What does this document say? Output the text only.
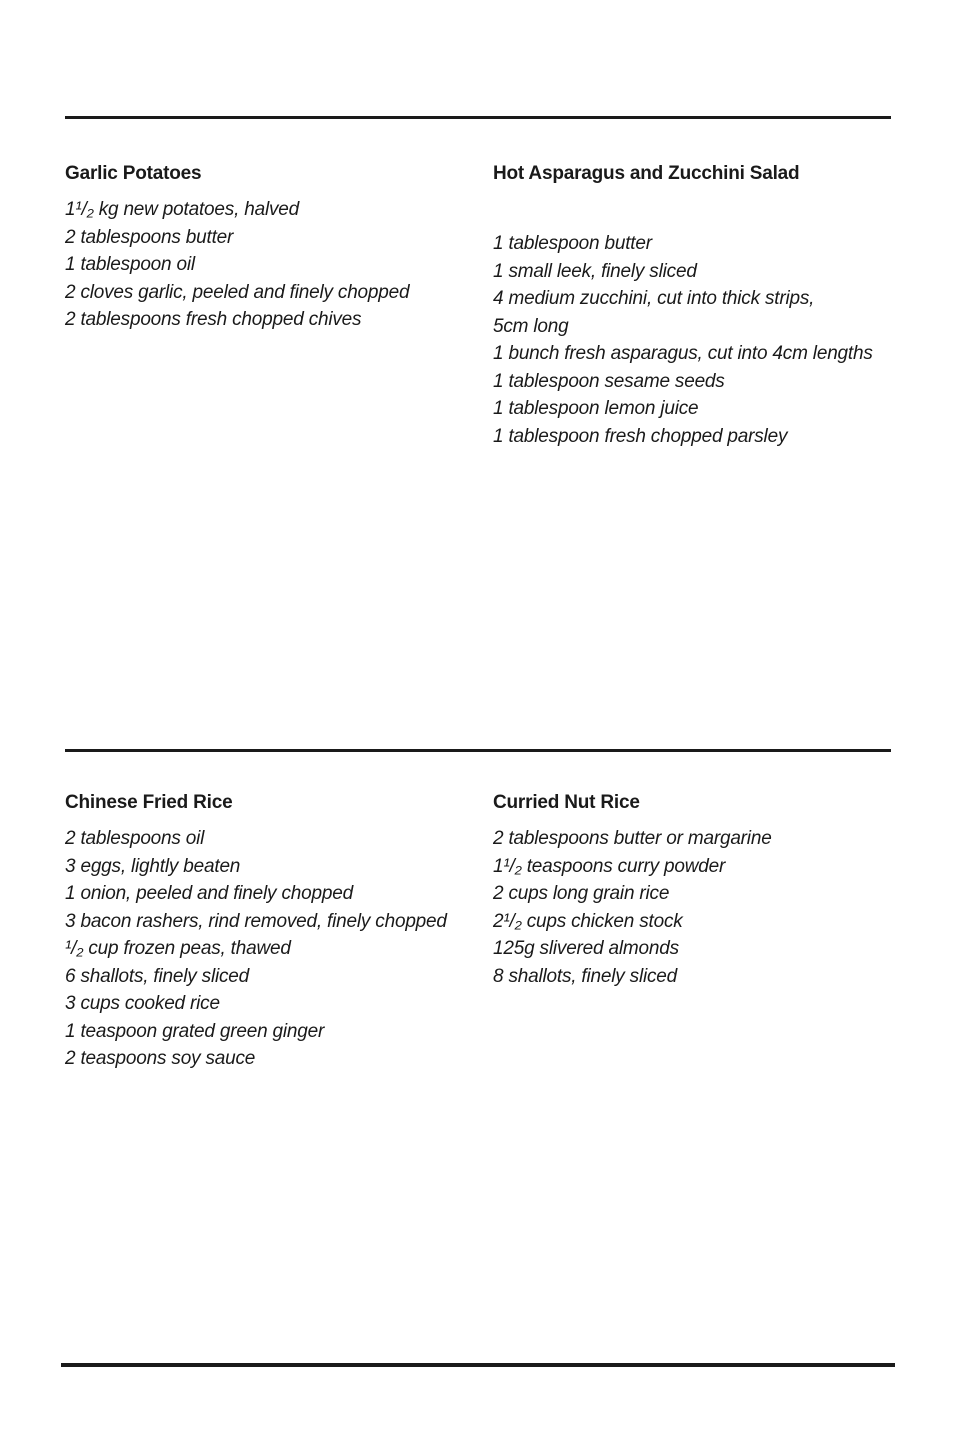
Garlic Potatoes
1¹/₂ kg new potatoes, halved
2 tablespoons butter
1 tablespoon oil
2 cloves garlic, peeled and finely chopped
2 tablespoons fresh chopped chives
Hot Asparagus and Zucchini Salad
1 tablespoon butter
1 small leek, finely sliced
4 medium zucchini, cut into thick strips,
5cm long
1 bunch fresh asparagus, cut into 4cm lengths
1 tablespoon sesame seeds
1 tablespoon lemon juice
1 tablespoon fresh chopped parsley
Chinese Fried Rice
2 tablespoons oil
3 eggs, lightly beaten
1 onion, peeled and finely chopped
3 bacon rashers, rind removed, finely chopped
¹/₂ cup frozen peas, thawed
6 shallots, finely sliced
3 cups cooked rice
1 teaspoon grated green ginger
2 teaspoons soy sauce
Curried Nut Rice
2 tablespoons butter or margarine
1¹/₂ teaspoons curry powder
2 cups long grain rice
2¹/₂ cups chicken stock
125g slivered almonds
8 shallots, finely sliced
